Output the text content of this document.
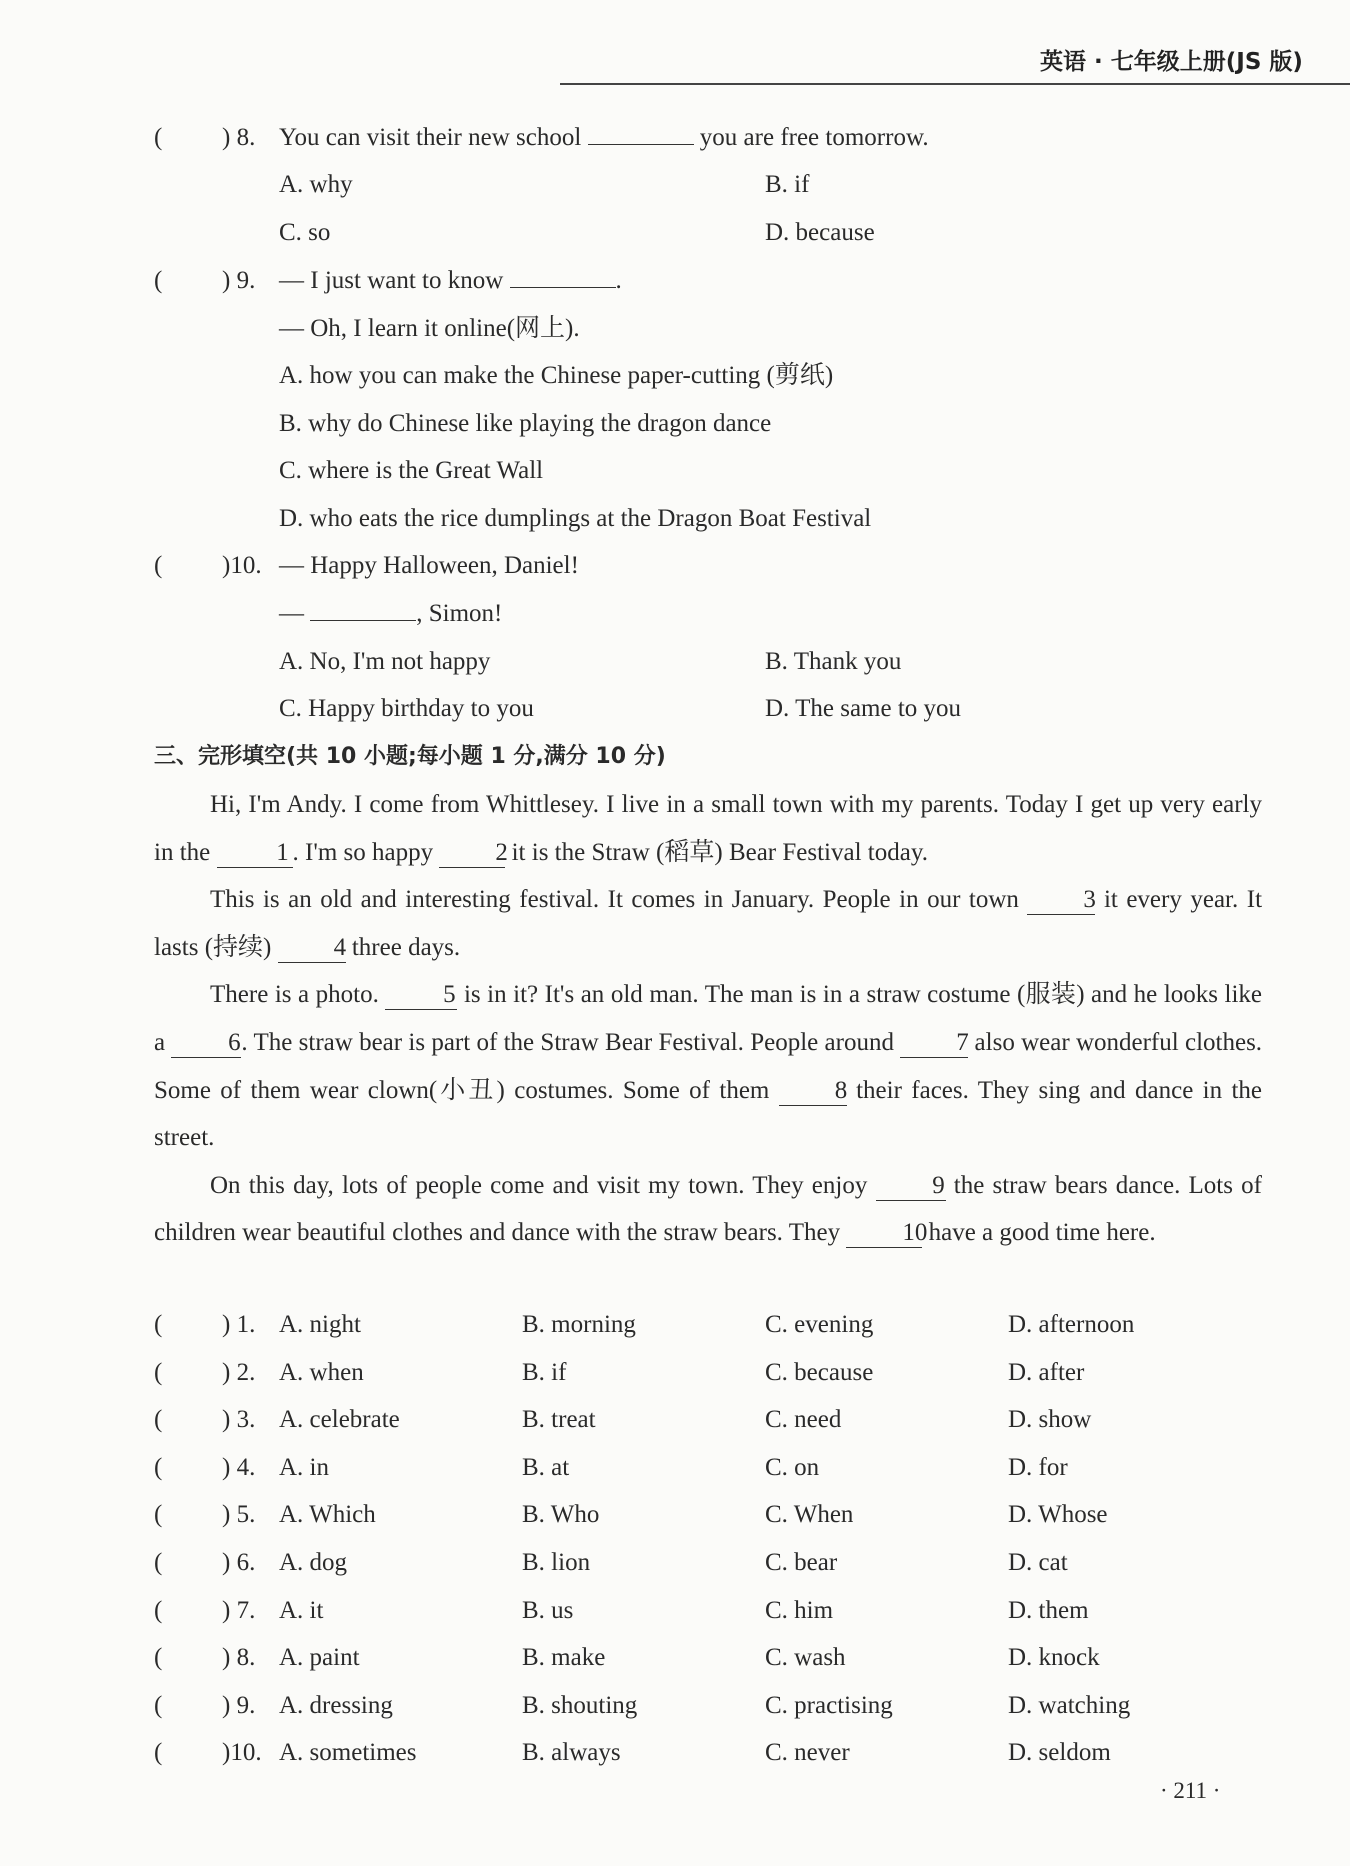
英语 · 七年级上册(JS 版)
( ) 8. You can visit their new school	you are free tomorrow.
A. why	B. if
C. so	D. because
( ) 9. — I just want to know	.
— Oh, I learn it online(网上).
A. how you can make the Chinese paper-cutting (剪纸)
B. why do Chinese like playing the dragon dance
C. where is the Great Wall
D. who eats the rice dumplings at the Dragon Boat Festival
( )10. — Happy Halloween, Daniel!
—	, Simon!
A. No, I'm not happy	B. Thank you
C. Happy birthday to you	D. The same to you
三、完形填空(共 10 小题;每小题 1 分,满分 10 分)

Hi, I'm Andy. I come from Whittlesey. I live in a small town with my parents. Today I get up very early in the	1 . I'm so happy 2 it is the Straw (稻草) Bear Festival today.

This is an old and interesting festival. It comes in January. People in our town	3 it every year. It lasts (持续) 4 three days.

There is a photo.	5 is in it? It's an old man. The man is in a straw costume (服装) and he looks like a	6. The straw bear is part of the Straw Bear Festival. People around 7 also wear wonderful clothes. Some of them wear clown(小丑) costumes. Some of them	8 their faces. They sing and dance in the street.

On this day, lots of people come and visit my town. They enjoy	9 the straw bears dance. Lots of children wear beautiful clothes and dance with the straw bears. They 10 have a good time here.

( ) 1. A. night	B. morning	C. evening	D. afternoon
( ) 2. A. when	B. if	C. because	D. after
( ) 3. A. celebrate	B. treat	C. need	D. show
( ) 4. A. in	B. at	C. on	D. for
( ) 5. A. Which	B. Who	C. When	D. Whose
( ) 6. A. dog	B. lion	C. bear	D. cat
( ) 7. A. it	B. us	C. him	D. them
( ) 8. A. paint	B. make	C. wash	D. knock
( ) 9. A. dressing	B. shouting	C. practising	D. watching
( )10. A. sometimes	B. always	C. never	D. seldom
· 211 ·
